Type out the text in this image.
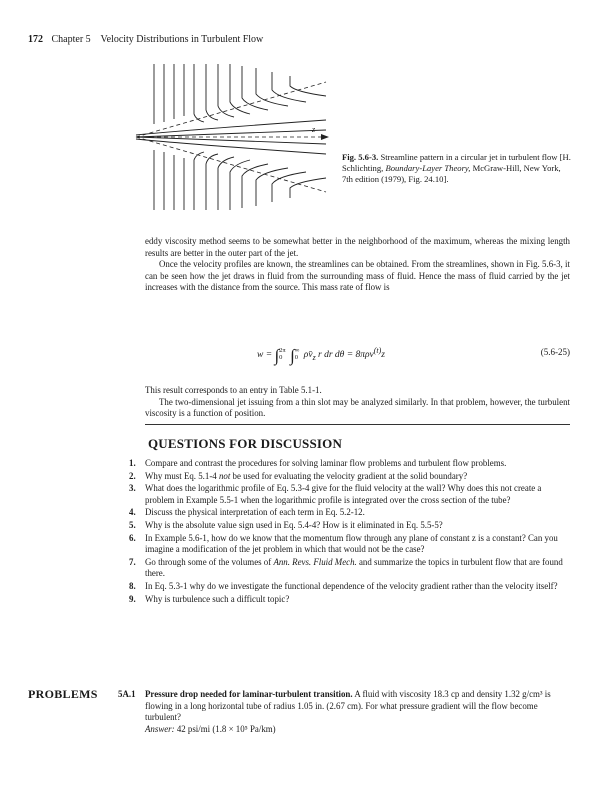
172 Chapter 5 Velocity Distributions in Turbulent Flow
z
Fig. 5.6-3. Streamline pattern in a circular jet in turbulent flow [H. Schlichting, Boundary-Layer Theory, McGraw-Hill, New York, 7th edition (1979), Fig. 24.10].

eddy viscosity method seems to be somewhat better in the neighborhood of the maximum, whereas the mixing length results are better in the outer part of the jet.

Once the velocity profiles are known, the streamlines can be obtained. From the streamlines, shown in Fig. 5.6-3, it can be seen how the jet draws in fluid from the surrounding mass of fluid. Hence the mass of fluid carried by the jet increases with the distance from the source. This mass rate of flow is

w = ∫2π
0 ∫∞
0 $\rho v̄_z$ r dr dθ = 8πρν$^{(t)}$z	(5.6-25)

This result corresponds to an entry in Table 5.1-1.

The two-dimensional jet issuing from a thin slot may be analyzed similarly. In that problem, however, the turbulent viscosity is a function of position.

QUESTIONS FOR DISCUSSION
1.	Compare and contrast the procedures for solving laminar flow problems and turbulent flow problems.
2.	Why must Eq. 5.1-4 not be used for evaluating the velocity gradient at the solid boundary?
3.	What does the logarithmic profile of Eq. 5.3-4 give for the fluid velocity at the wall? Why does this not create a problem in Example 5.5-1 when the logarithmic profile is integrated over the cross section of the tube?
4.	Discuss the physical interpretation of each term in Eq. 5.2-12.
5.	Why is the absolute value sign used in Eq. 5.4-4? How is it eliminated in Eq. 5.5-5?
6.	In Example 5.6-1, how do we know that the momentum flow through any plane of constant z is a constant? Can you imagine a modification of the jet problem in which that would not be the case?
7.	Go through some of the volumes of Ann. Revs. Fluid Mech. and summarize the topics in turbulent flow that are found there.
8.	In Eq. 5.3-1 why do we investigate the functional dependence of the velocity gradient rather than the velocity itself?
9.	Why is turbulence such a difficult topic?
PROBLEMS 5A.1	Pressure drop needed for laminar-turbulent transition. A fluid with viscosity 18.3 cp and density 1.32 g/cm³ is flowing in a long horizontal tube of radius 1.05 in. (2.67 cm). For what pressure gradient will the flow become turbulent?
Answer: 42 psi/mi (1.8 × 10⁵ Pa/km)
